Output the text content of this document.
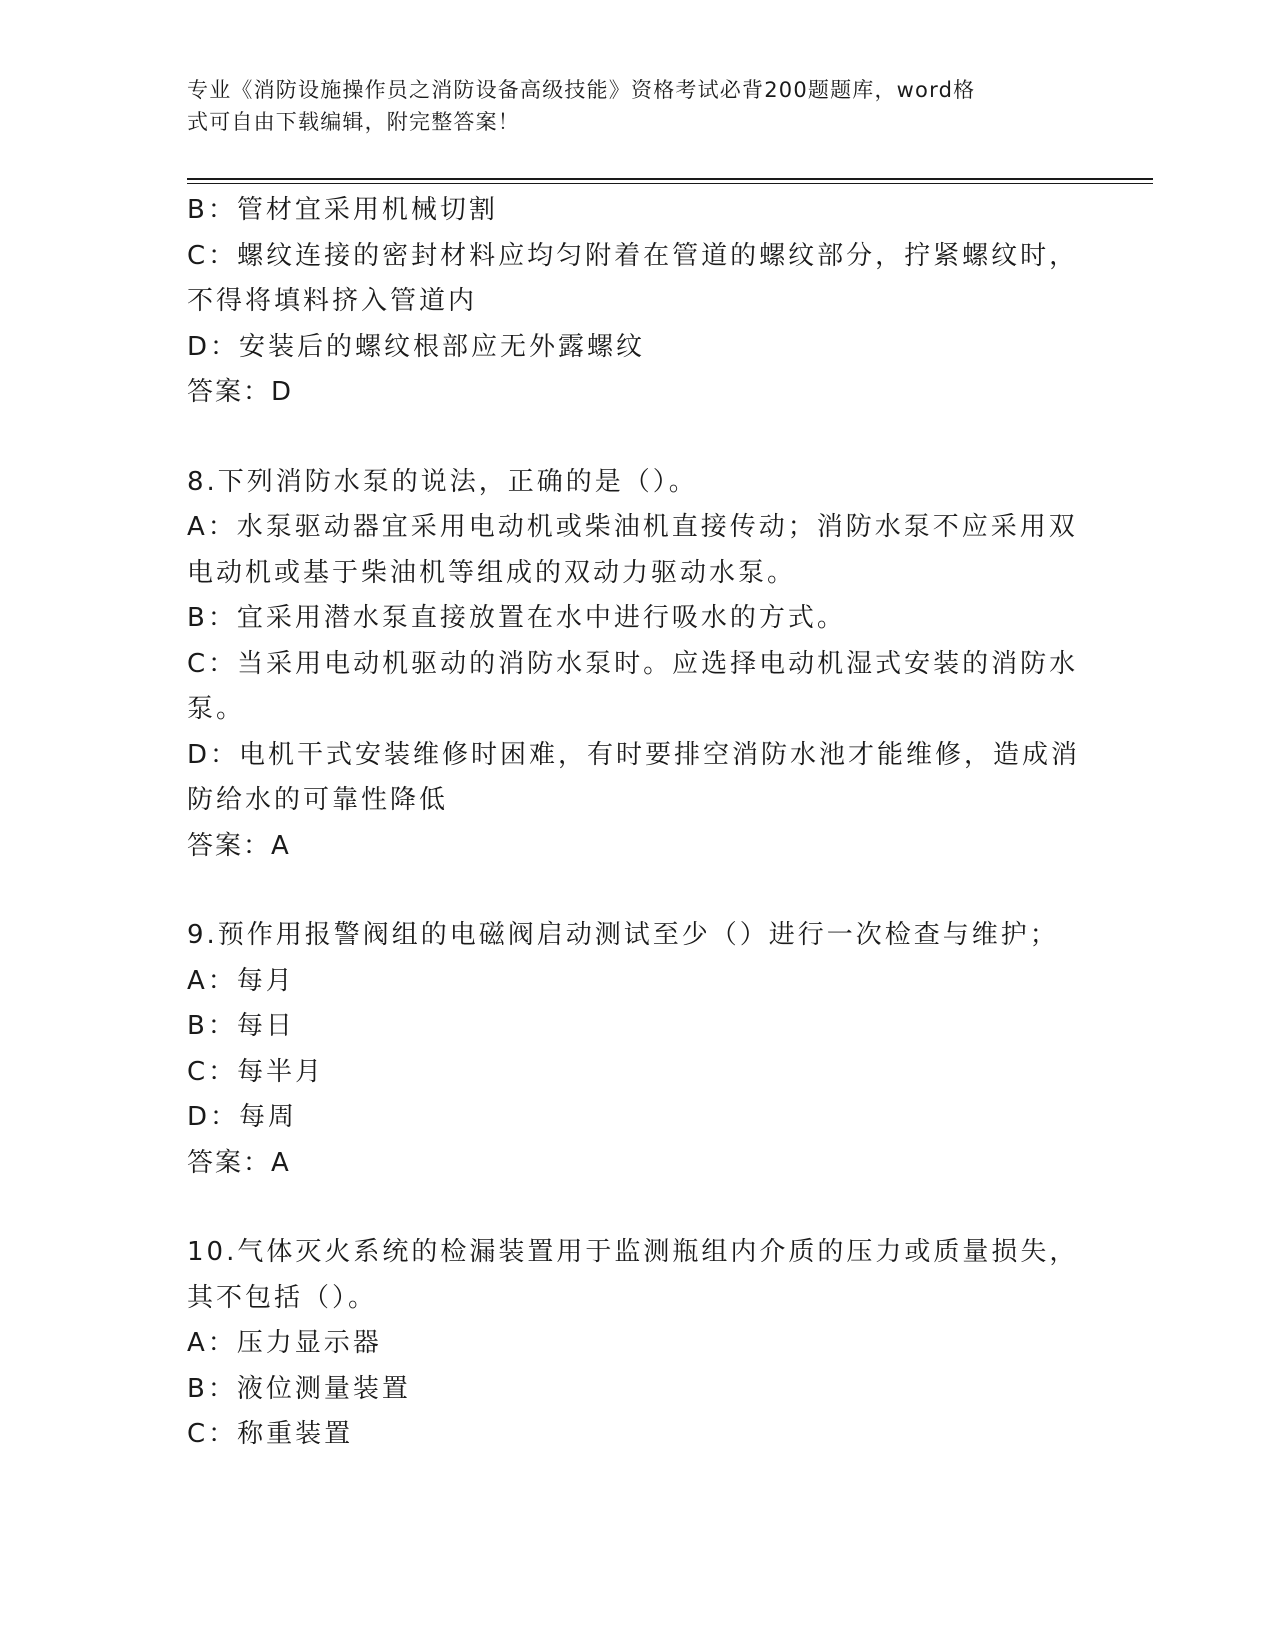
专业《消防设施操作员之消防设备高级技能》资格考试必背200题题库，word格
式可自由下载编辑，附完整答案！
B：管材宜采用机械切割
C：螺纹连接的密封材料应均匀附着在管道的螺纹部分，拧紧螺纹时，
不得将填料挤入管道内
D：安装后的螺纹根部应无外露螺纹
答案：D
8.下列消防水泵的说法，正确的是（）。
A：水泵驱动器宜采用电动机或柴油机直接传动；消防水泵不应采用双
电动机或基于柴油机等组成的双动力驱动水泵。
B：宜采用潜水泵直接放置在水中进行吸水的方式。
C：当采用电动机驱动的消防水泵时。应选择电动机湿式安装的消防水
泵。
D：电机干式安装维修时困难，有时要排空消防水池才能维修，造成消
防给水的可靠性降低
答案：A
9.预作用报警阀组的电磁阀启动测试至少（）进行一次检查与维护；
A：每月
B：每日
C：每半月
D：每周
答案：A
10.气体灭火系统的检漏装置用于监测瓶组内介质的压力或质量损失，
其不包括（）。
A：压力显示器
B：液位测量装置
C：称重装置
